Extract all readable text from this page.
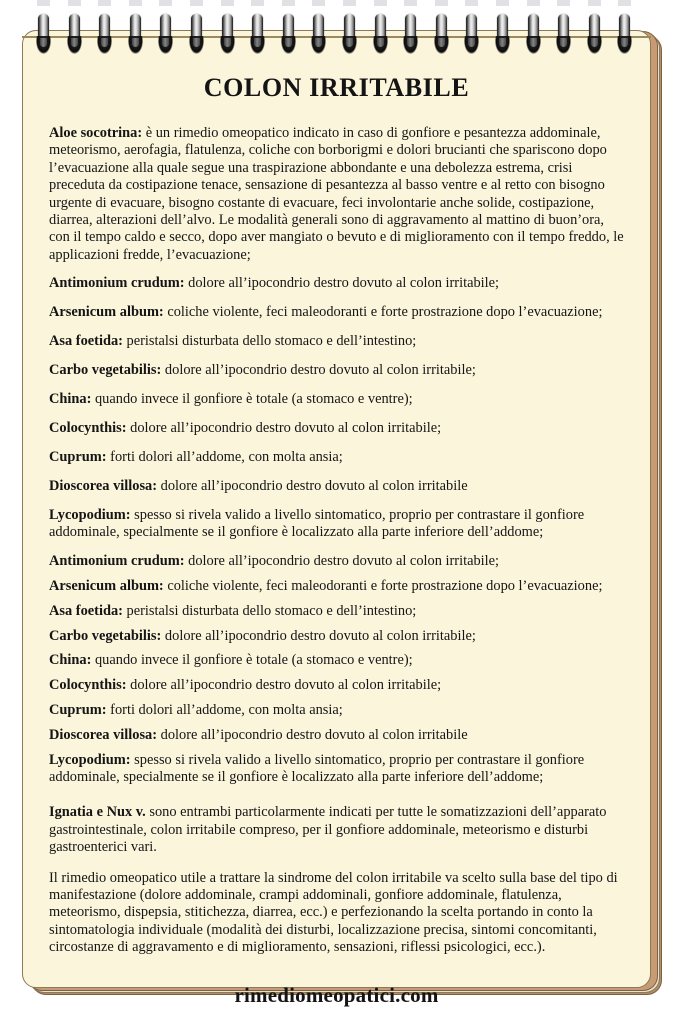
COLON IRRITABILE

Aloe socotrina: è un rimedio omeopatico indicato in caso di gonfiore e pesantezza addominale, meteorismo, aerofagia, flatulenza, coliche con borborigmi e dolori brucianti che spariscono dopo l’evacuazione alla quale segue una traspirazione abbondante e una debolezza estrema, crisi preceduta da costipazione tenace, sensazione di pesantezza al basso ventre e al retto con bisogno urgente di evacuare, bisogno costante di evacuare, feci involontarie anche solide, costipazione, diarrea, alterazioni dell’alvo. Le modalità generali sono di aggravamento al mattino di buon’ora, con il tempo caldo e secco, dopo aver mangiato o bevuto e di miglioramento con il tempo freddo, le applicazioni fredde, l’evacuazione;

Antimonium crudum: dolore all’ipocondrio destro dovuto al colon irritabile;

Arsenicum album: coliche violente, feci maleodoranti e forte prostrazione dopo l’evacuazione;

Asa foetida: peristalsi disturbata dello stomaco e dell’intestino;

Carbo vegetabilis: dolore all’ipocondrio destro dovuto al colon irritabile;

China: quando invece il gonfiore è totale (a stomaco e ventre);

Colocynthis: dolore all’ipocondrio destro dovuto al colon irritabile;

Cuprum: forti dolori all’addome, con molta ansia;

Dioscorea villosa: dolore all’ipocondrio destro dovuto al colon irritabile

Lycopodium: spesso si rivela valido a livello sintomatico, proprio per contrastare il gonfiore addominale, specialmente se il gonfiore è localizzato alla parte inferiore dell’addome;

Antimonium crudum: dolore all’ipocondrio destro dovuto al colon irritabile;

Arsenicum album: coliche violente, feci maleodoranti e forte prostrazione dopo l’evacuazione;

Asa foetida: peristalsi disturbata dello stomaco e dell’intestino;

Carbo vegetabilis: dolore all’ipocondrio destro dovuto al colon irritabile;

China: quando invece il gonfiore è totale (a stomaco e ventre);

Colocynthis: dolore all’ipocondrio destro dovuto al colon irritabile;

Cuprum: forti dolori all’addome, con molta ansia;

Dioscorea villosa: dolore all’ipocondrio destro dovuto al colon irritabile

Lycopodium: spesso si rivela valido a livello sintomatico, proprio per contrastare il gonfiore addominale, specialmente se il gonfiore è localizzato alla parte inferiore dell’addome;

Ignatia e Nux v. sono entrambi particolarmente indicati per tutte le somatizzazioni dell’apparato gastrointestinale, colon irritabile compreso, per il gonfiore addominale, meteorismo e disturbi gastroenterici vari.

Il rimedio omeopatico utile a trattare la sindrome del colon irritabile va scelto sulla base del tipo di manifestazione (dolore addominale, crampi addominali, gonfiore addominale, flatulenza, meteorismo, dispepsia, stitichezza, diarrea, ecc.) e perfezionando la scelta portando in conto la sintomatologia individuale (modalità dei disturbi, localizzazione precisa, sintomi concomitanti, circostanze di aggravamento e di miglioramento, sensazioni, riflessi psicologici, ecc.).

rimediomeopatici.com
